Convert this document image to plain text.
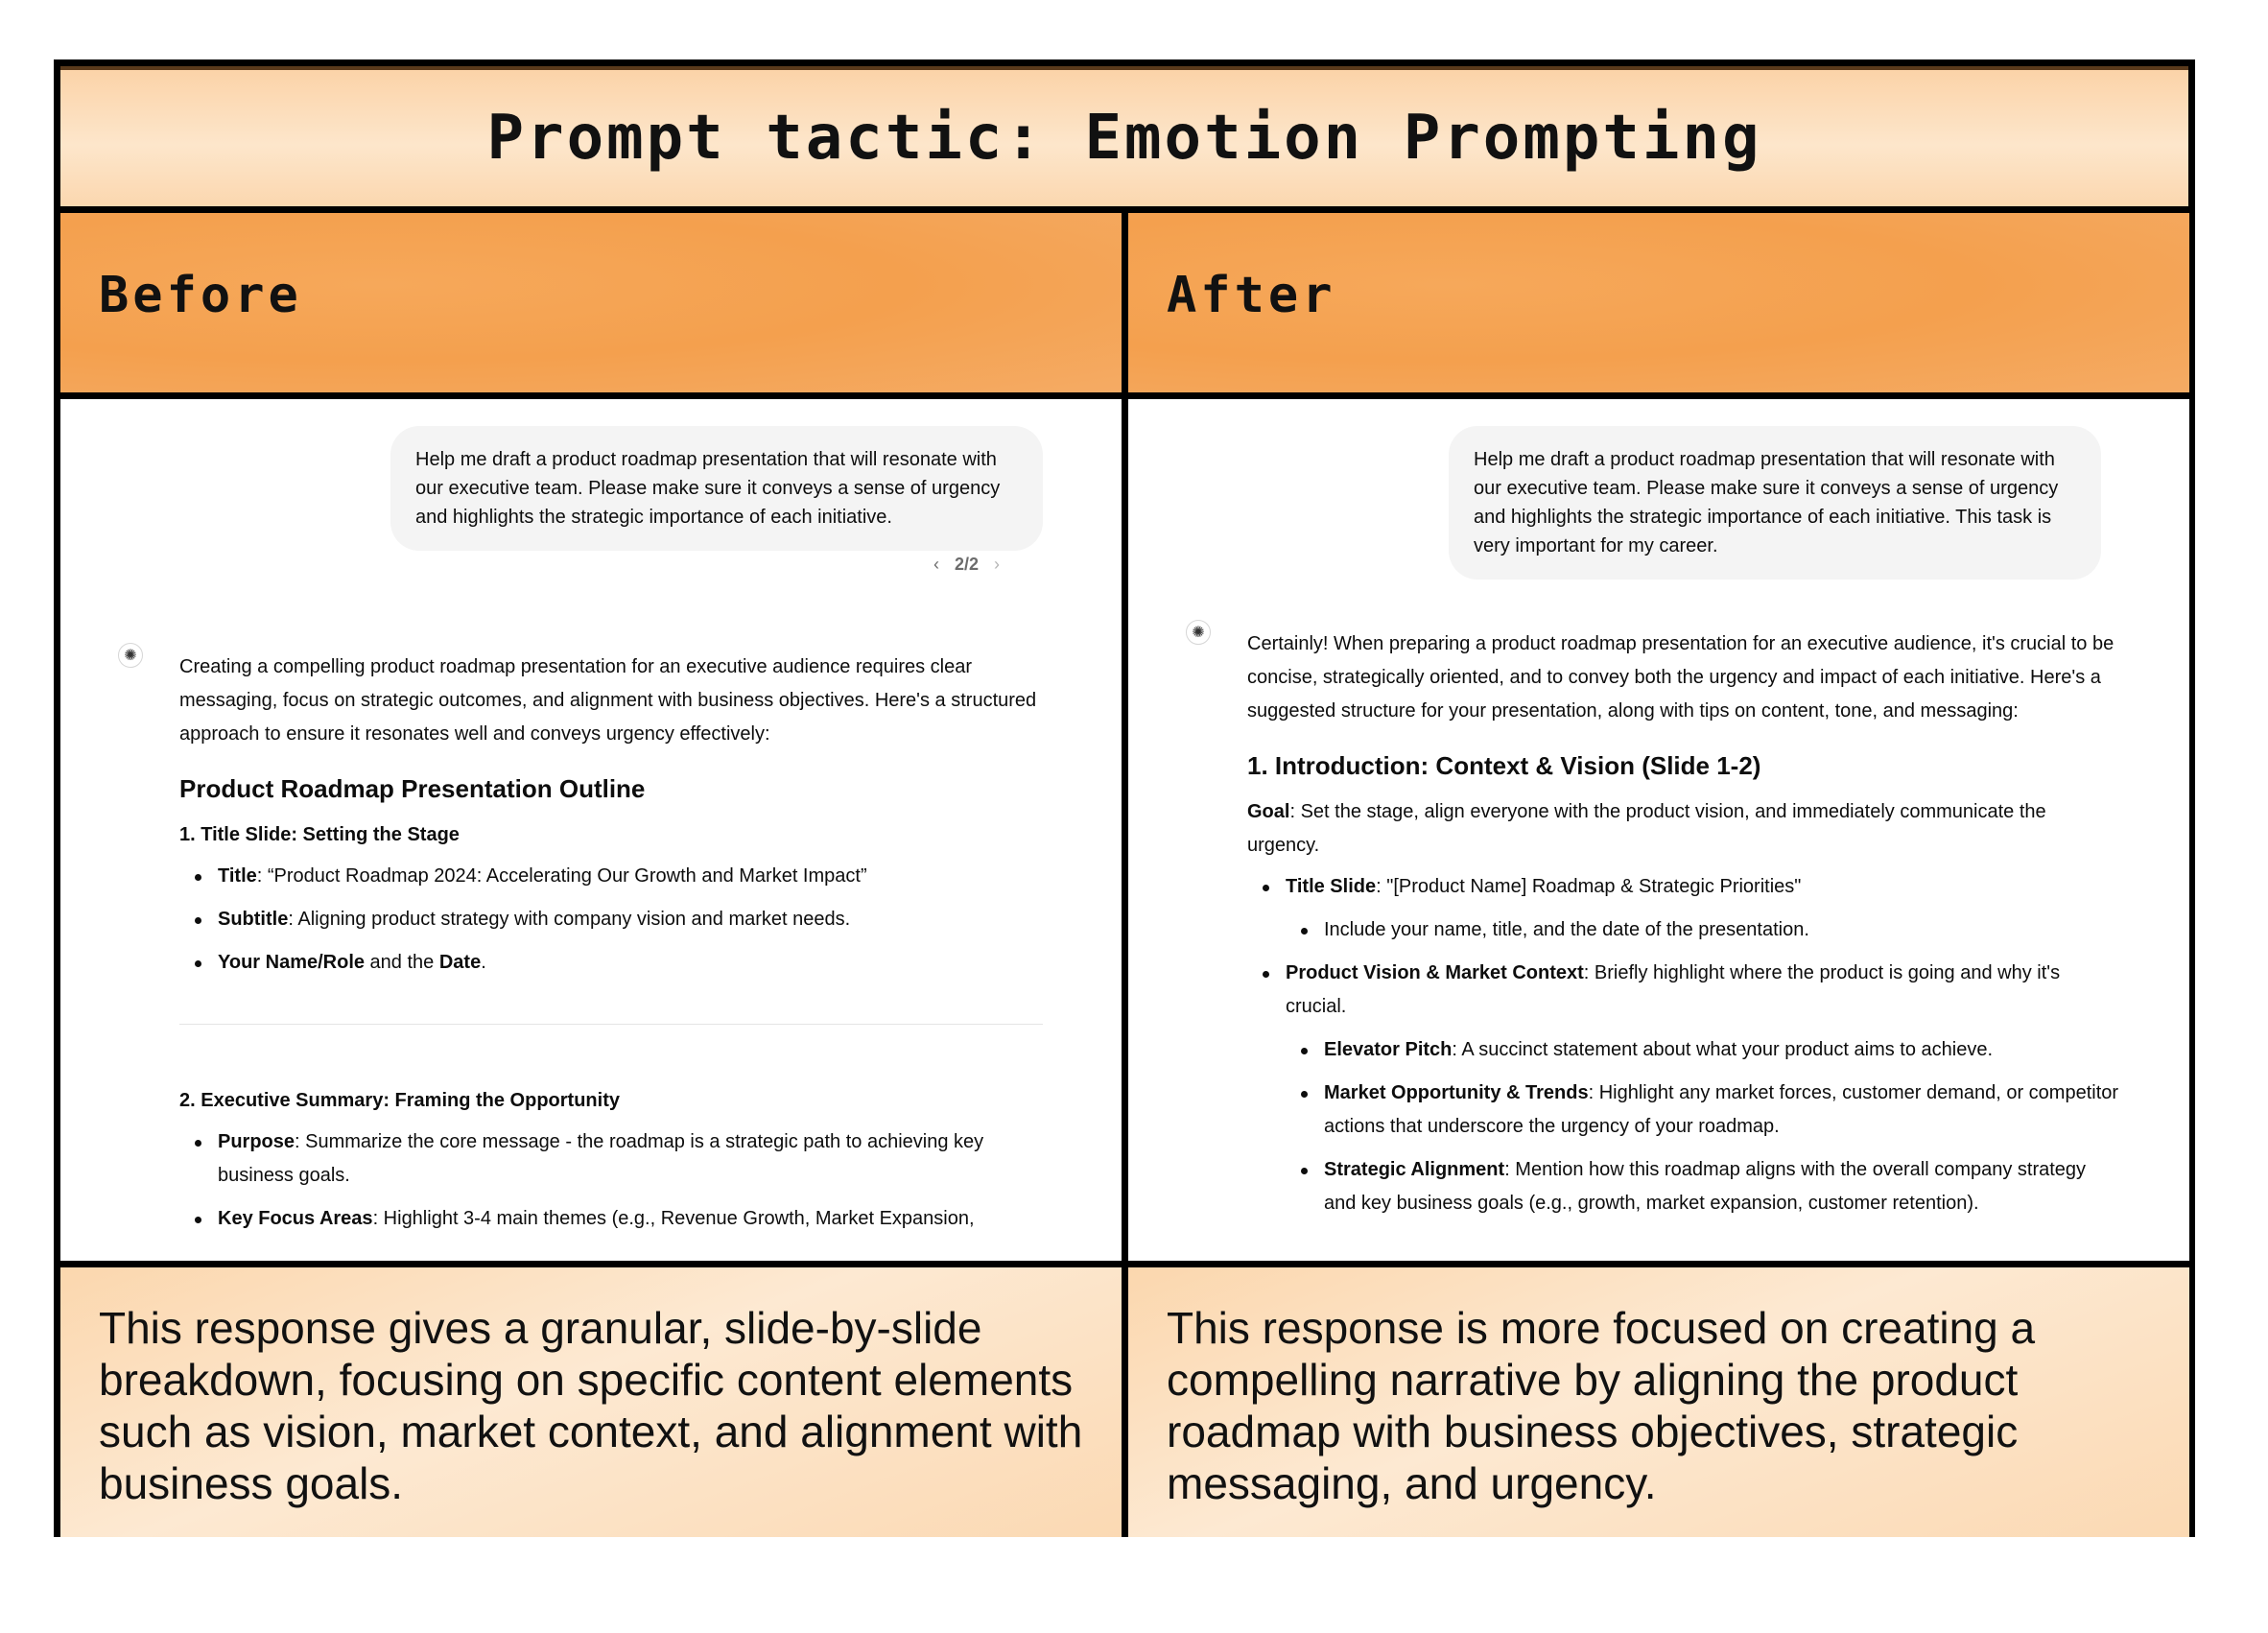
Prompt tactic: Emotion Prompting
Before
Help me draft a product roadmap presentation that will resonate with our executive team. Please make sure it conveys a sense of urgency and highlights the strategic importance of each initiative.
‹ 2/2 ›
✺

Creating a compelling product roadmap presentation for an executive audience requires clear messaging, focus on strategic outcomes, and alignment with business objectives. Here's a structured approach to ensure it resonates well and conveys urgency effectively:

Product Roadmap Presentation Outline
1. Title Slide: Setting the Stage
Title: “Product Roadmap 2024: Accelerating Our Growth and Market Impact”
Subtitle: Aligning product strategy with company vision and market needs.
Your Name/Role and the Date.
2. Executive Summary: Framing the Opportunity
Purpose: Summarize the core message - the roadmap is a strategic path to achieving key business goals.
Key Focus Areas: Highlight 3-4 main themes (e.g., Revenue Growth, Market Expansion,

This response gives a granular, slide-by-slide breakdown, focusing on specific content elements such as vision, market context, and alignment with business goals.

After
Help me draft a product roadmap presentation that will resonate with our executive team. Please make sure it conveys a sense of urgency and highlights the strategic importance of each initiative. This task is very important for my career.
✺

Certainly! When preparing a product roadmap presentation for an executive audience, it's crucial to be concise, strategically oriented, and to convey both the urgency and impact of each initiative. Here's a suggested structure for your presentation, along with tips on content, tone, and messaging:

1. Introduction: Context & Vision (Slide 1-2)

Goal: Set the stage, align everyone with the product vision, and immediately communicate the urgency.

Title Slide: "[Product Name] Roadmap & Strategic Priorities"
Include your name, title, and the date of the presentation.
Product Vision & Market Context: Briefly highlight where the product is going and why it's crucial.
Elevator Pitch: A succinct statement about what your product aims to achieve.
Market Opportunity & Trends: Highlight any market forces, customer demand, or competitor actions that underscore the urgency of your roadmap.
Strategic Alignment: Mention how this roadmap aligns with the overall company strategy and key business goals (e.g., growth, market expansion, customer retention).

This response is more focused on creating a compelling narrative by aligning the product roadmap with business objectives, strategic messaging, and urgency.
